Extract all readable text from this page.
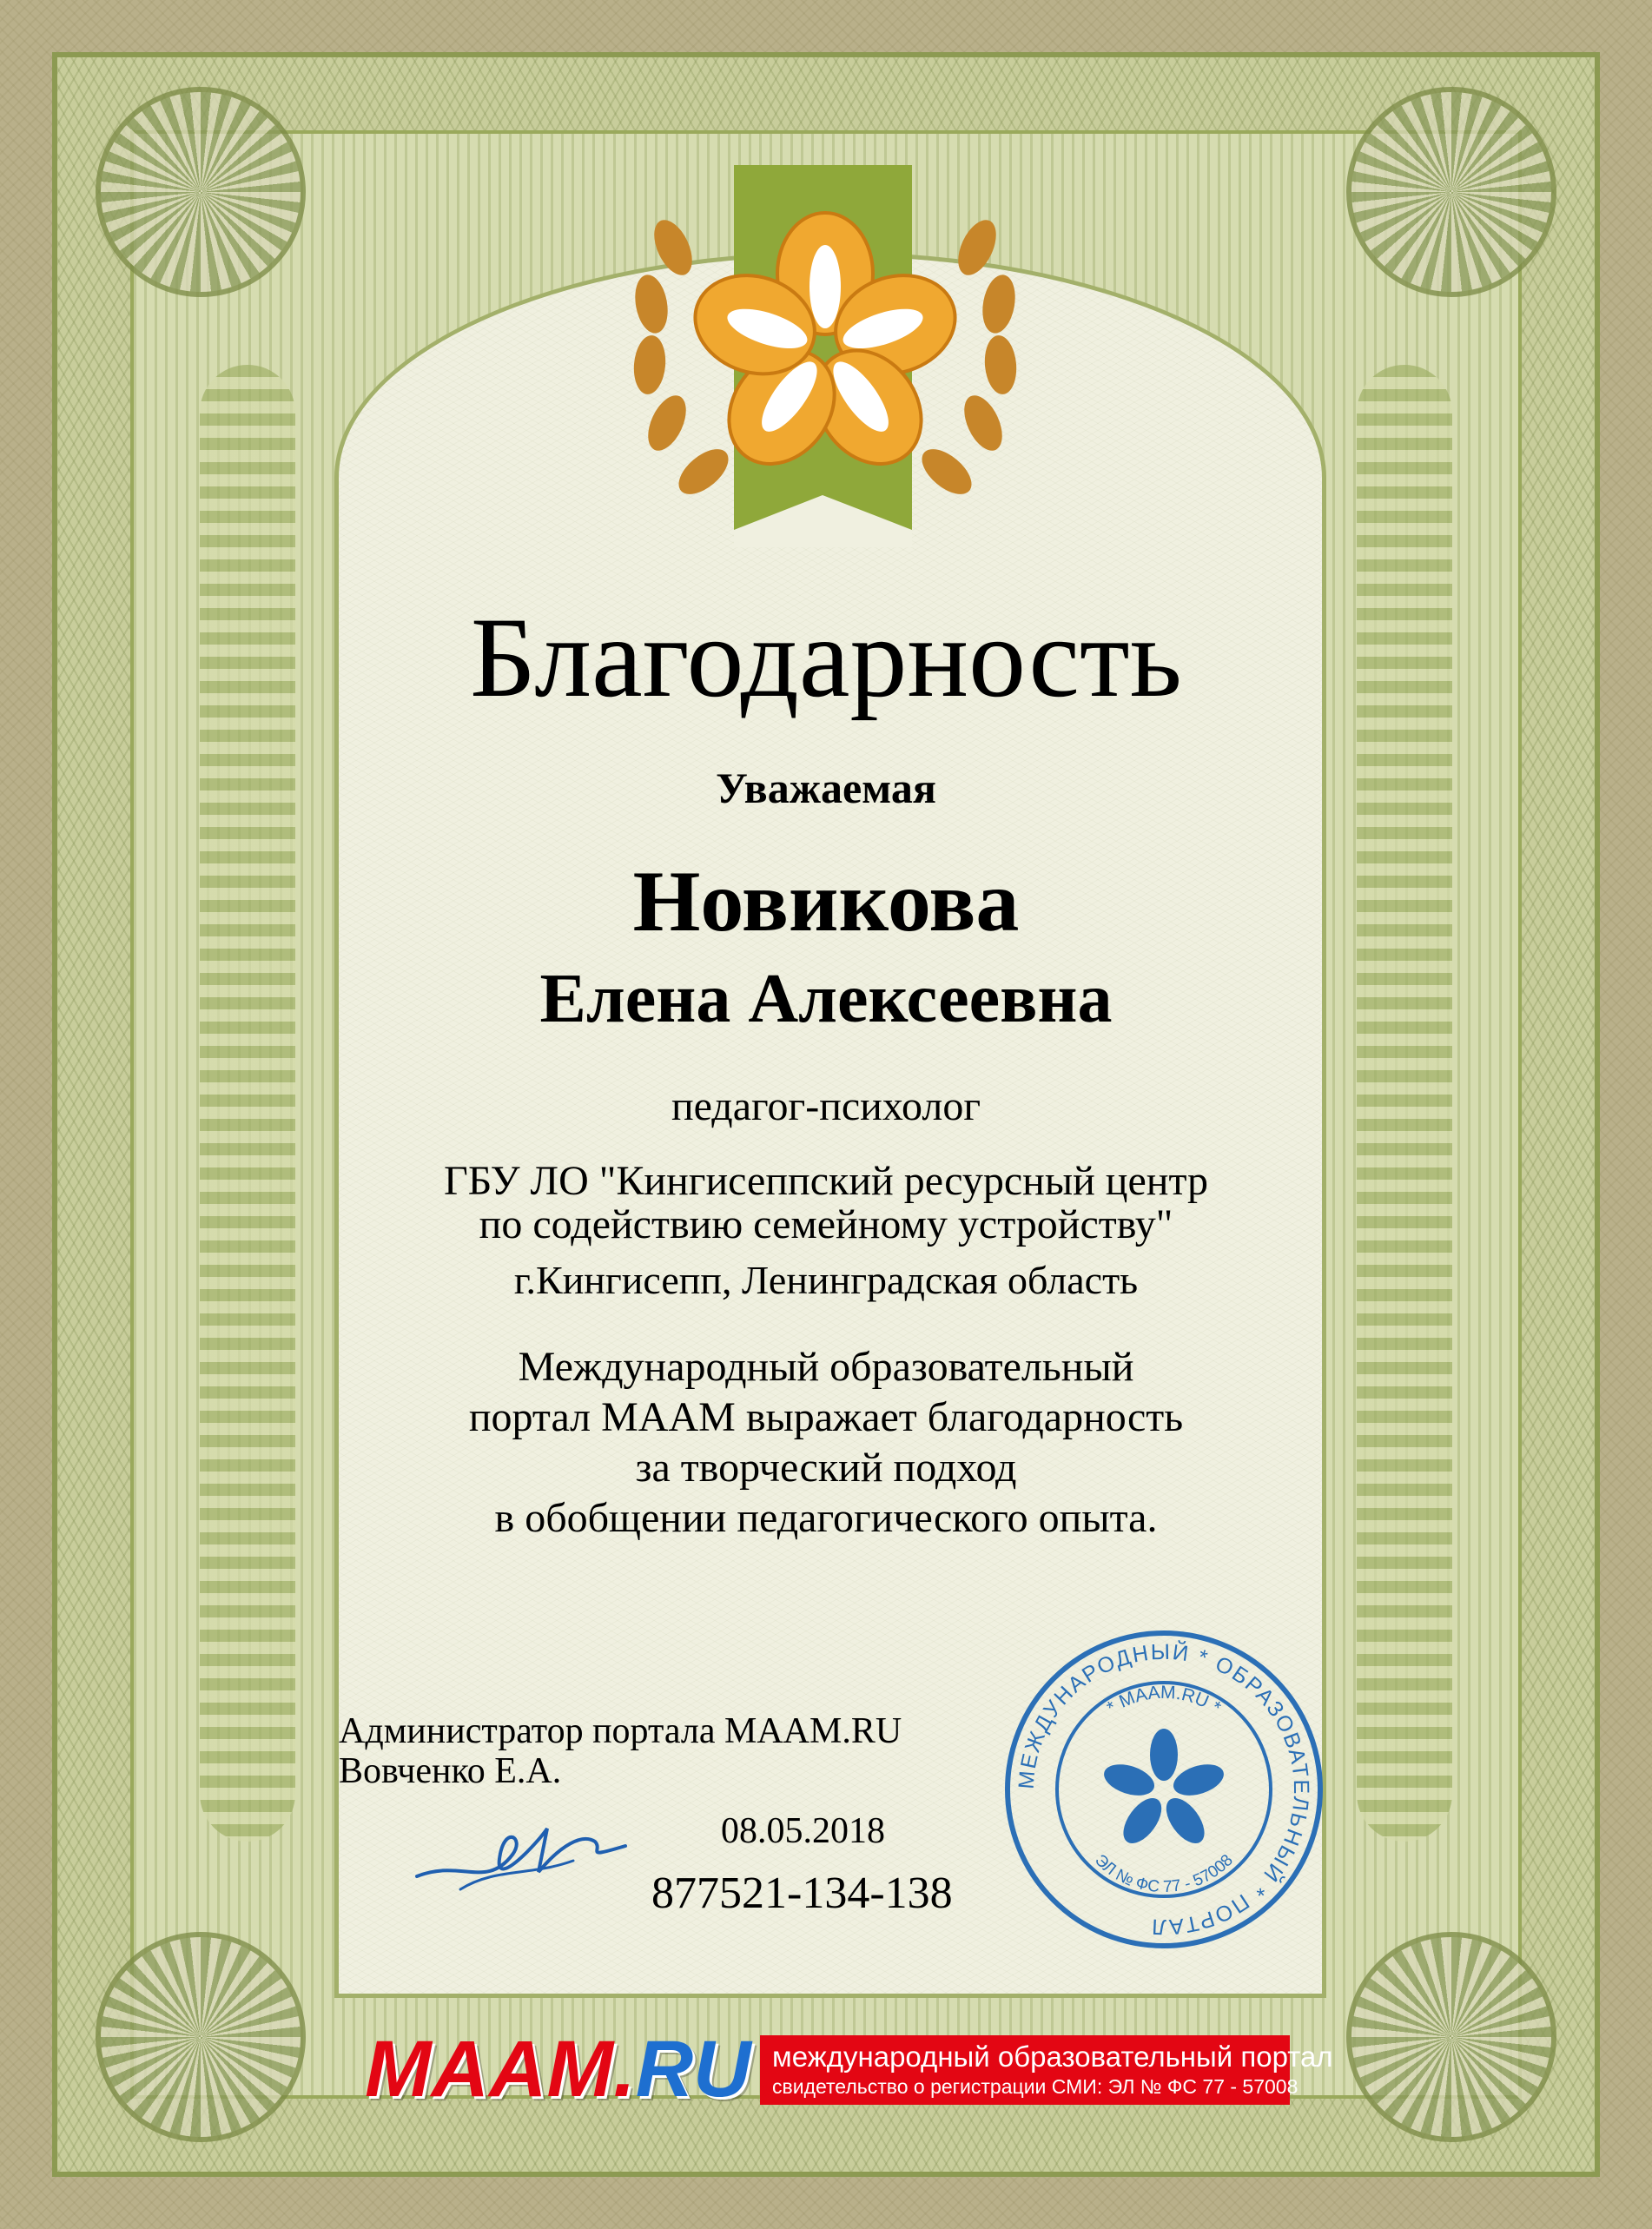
Благодарность
Уважаемая
Новикова
Елена Алексеевна
педагог-психолог
ГБУ ЛО "Кингисеппский ресурсный центр
по содействию семейному устройству"
г.Кингисепп, Ленинградская область
Международный образовательный
портал МААМ выражает благодарность
за творческий подход
в обобщении педагогического опыта.
Администратор портала MAAM.RU
Вовченко Е.А.
08.05.2018
877521-134-138
МЕЖДУНАРОДНЫЙ * ОБРАЗОВАТЕЛЬНЫЙ * ПОРТАЛ
* MAAM.RU *
ЭЛ № ФС 77 - 57008
MAAM.RU международный образовательный портал
свидетельство о регистрации СМИ: ЭЛ № ФС 77 - 57008
